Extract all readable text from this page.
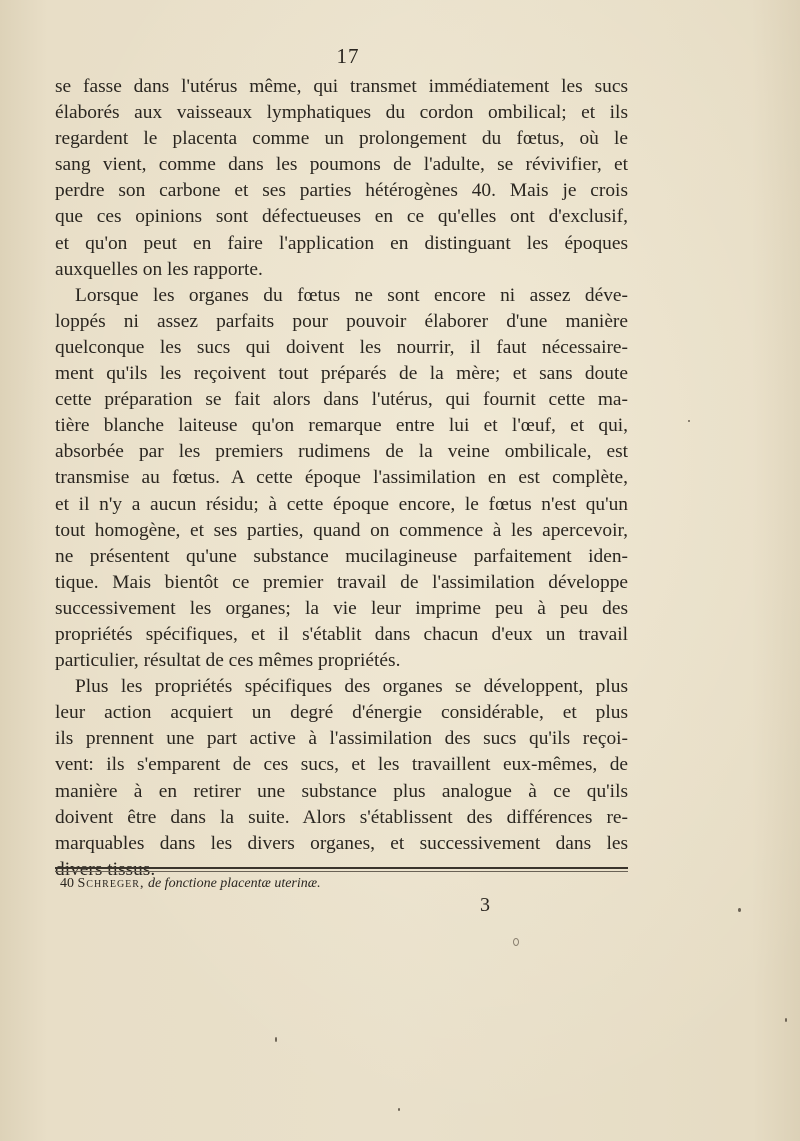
17
se fasse dans l'utérus même, qui transmet immédiatement les sucs
élaborés aux vaisseaux lymphatiques du cordon ombilical; et ils
regardent le placenta comme un prolongement du fœtus, où le
sang vient, comme dans les poumons de l'adulte, se révivifier, et
perdre son carbone et ses parties hétérogènes 40. Mais je crois
que ces opinions sont défectueuses en ce qu'elles ont d'exclusif,
et qu'on peut en faire l'application en distinguant les époques
auxquelles on les rapporte.
Lorsque les organes du fœtus ne sont encore ni assez déve-
loppés ni assez parfaits pour pouvoir élaborer d'une manière
quelconque les sucs qui doivent les nourrir, il faut nécessaire-
ment qu'ils les reçoivent tout préparés de la mère; et sans doute
cette préparation se fait alors dans l'utérus, qui fournit cette ma-
tière blanche laiteuse qu'on remarque entre lui et l'œuf, et qui,
absorbée par les premiers rudimens de la veine ombilicale, est
transmise au fœtus. A cette époque l'assimilation en est complète,
et il n'y a aucun résidu; à cette époque encore, le fœtus n'est qu'un
tout homogène, et ses parties, quand on commence à les apercevoir,
ne présentent qu'une substance mucilagineuse parfaitement iden-
tique. Mais bientôt ce premier travail de l'assimilation développe
successivement les organes; la vie leur imprime peu à peu des
propriétés spécifiques, et il s'établit dans chacun d'eux un travail
particulier, résultat de ces mêmes propriétés.
Plus les propriétés spécifiques des organes se développent, plus
leur action acquiert un degré d'énergie considérable, et plus
ils prennent une part active à l'assimilation des sucs qu'ils reçoi-
vent: ils s'emparent de ces sucs, et les travaillent eux-mêmes, de
manière à en retirer une substance plus analogue à ce qu'ils
doivent être dans la suite. Alors s'établissent des différences re-
marquables dans les divers organes, et successivement dans les
divers tissus.
40 Schreger, de fonctione placentæ uterinæ.
3
